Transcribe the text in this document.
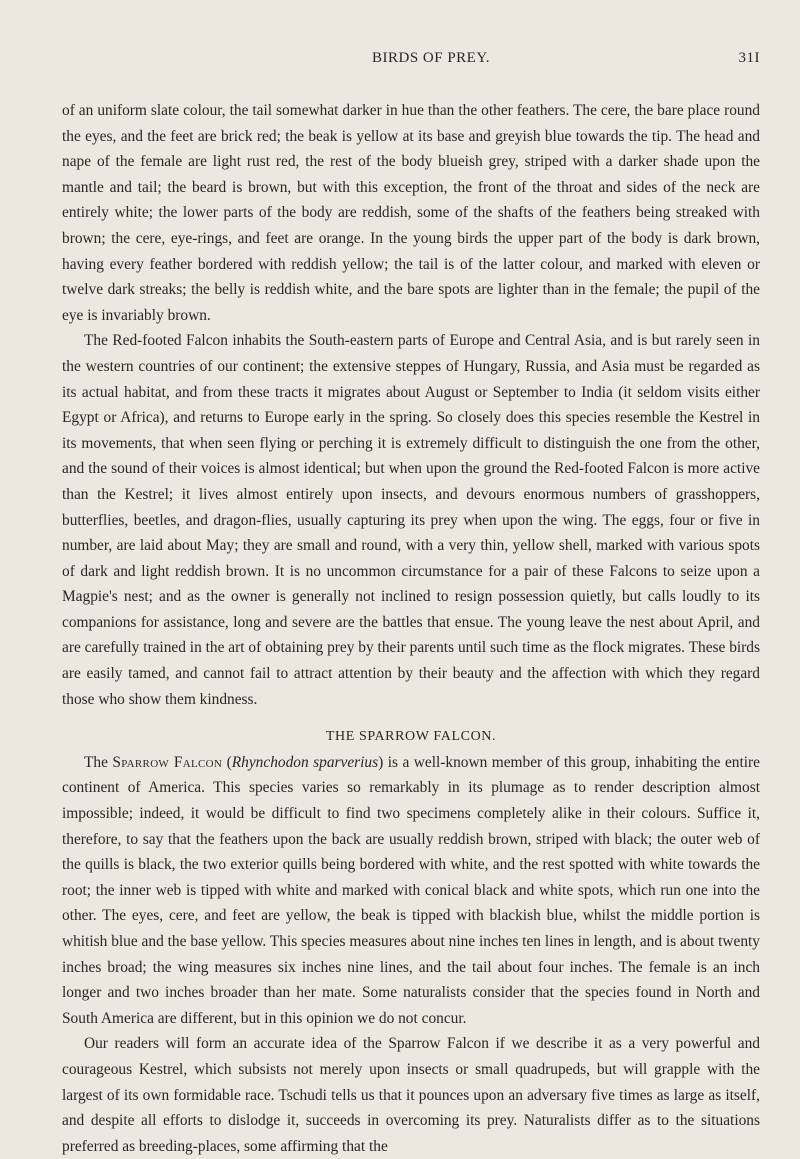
BIRDS OF PREY.	31I

of an uniform slate colour, the tail somewhat darker in hue than the other feathers. The cere, the bare place round the eyes, and the feet are brick red; the beak is yellow at its base and greyish blue towards the tip. The head and nape of the female are light rust red, the rest of the body blueish grey, striped with a darker shade upon the mantle and tail; the beard is brown, but with this exception, the front of the throat and sides of the neck are entirely white; the lower parts of the body are reddish, some of the shafts of the feathers being streaked with brown; the cere, eye-rings, and feet are orange. In the young birds the upper part of the body is dark brown, having every feather bordered with reddish yellow; the tail is of the latter colour, and marked with eleven or twelve dark streaks; the belly is reddish white, and the bare spots are lighter than in the female; the pupil of the eye is invariably brown.

The Red-footed Falcon inhabits the South-eastern parts of Europe and Central Asia, and is but rarely seen in the western countries of our continent; the extensive steppes of Hungary, Russia, and Asia must be regarded as its actual habitat, and from these tracts it migrates about August or September to India (it seldom visits either Egypt or Africa), and returns to Europe early in the spring. So closely does this species resemble the Kestrel in its movements, that when seen flying or perching it is extremely difficult to distinguish the one from the other, and the sound of their voices is almost identical; but when upon the ground the Red-footed Falcon is more active than the Kestrel; it lives almost entirely upon insects, and devours enormous numbers of grasshoppers, butterflies, beetles, and dragon-flies, usually capturing its prey when upon the wing. The eggs, four or five in number, are laid about May; they are small and round, with a very thin, yellow shell, marked with various spots of dark and light reddish brown. It is no uncommon circumstance for a pair of these Falcons to seize upon a Magpie's nest; and as the owner is generally not inclined to resign possession quietly, but calls loudly to its companions for assistance, long and severe are the battles that ensue. The young leave the nest about April, and are carefully trained in the art of obtaining prey by their parents until such time as the flock migrates. These birds are easily tamed, and cannot fail to attract attention by their beauty and the affection with which they regard those who show them kindness.

THE SPARROW FALCON.

The Sparrow Falcon (Rhynchodon sparverius) is a well-known member of this group, inhabiting the entire continent of America. This species varies so remarkably in its plumage as to render description almost impossible; indeed, it would be difficult to find two specimens completely alike in their colours. Suffice it, therefore, to say that the feathers upon the back are usually reddish brown, striped with black; the outer web of the quills is black, the two exterior quills being bordered with white, and the rest spotted with white towards the root; the inner web is tipped with white and marked with conical black and white spots, which run one into the other. The eyes, cere, and feet are yellow, the beak is tipped with blackish blue, whilst the middle portion is whitish blue and the base yellow. This species measures about nine inches ten lines in length, and is about twenty inches broad; the wing measures six inches nine lines, and the tail about four inches. The female is an inch longer and two inches broader than her mate. Some naturalists consider that the species found in North and South America are different, but in this opinion we do not concur.

Our readers will form an accurate idea of the Sparrow Falcon if we describe it as a very powerful and courageous Kestrel, which subsists not merely upon insects or small quadrupeds, but will grapple with the largest of its own formidable race. Tschudi tells us that it pounces upon an adversary five times as large as itself, and despite all efforts to dislodge it, succeeds in overcoming its prey. Naturalists differ as to the situations preferred as breeding-places, some affirming that the
